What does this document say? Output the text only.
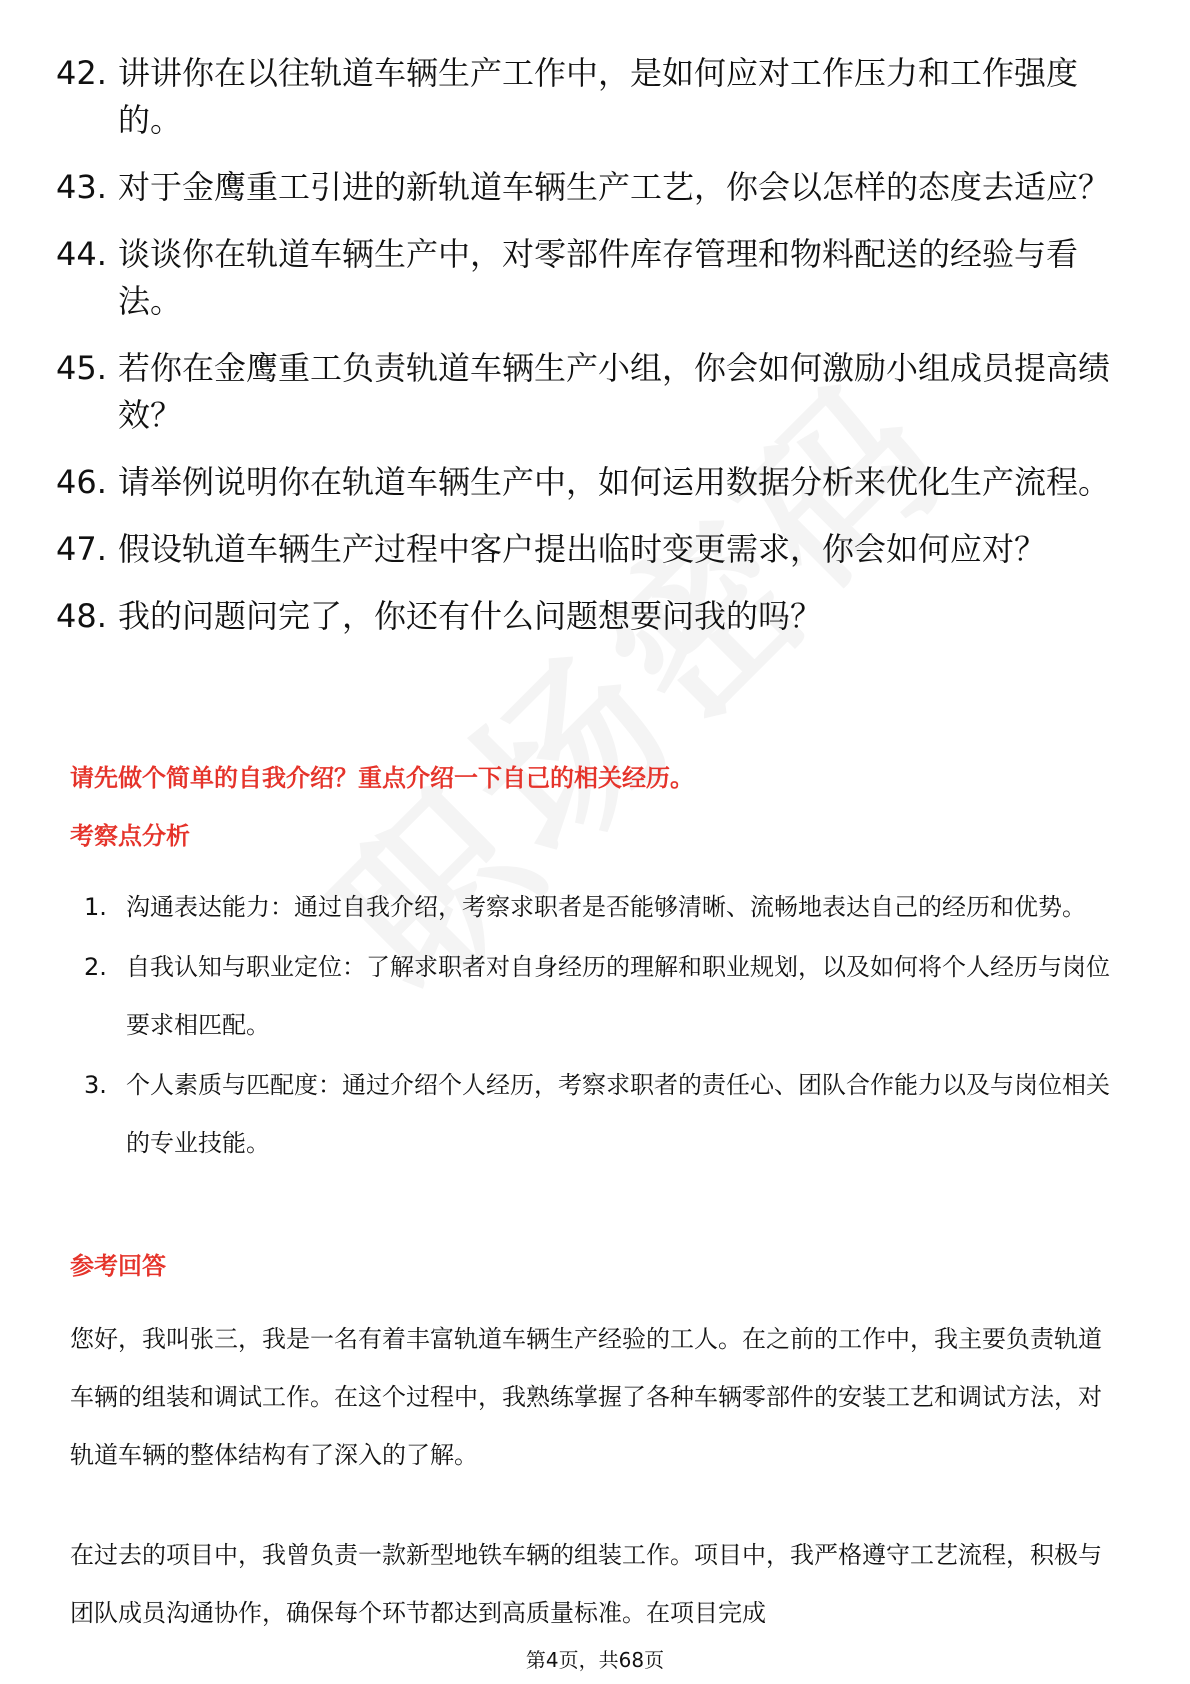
42. 讲讲你在以往轨道车辆生产工作中，是如何应对工作压力和工作强度的。
43. 对于金鹰重工引进的新轨道车辆生产工艺，你会以怎样的态度去适应？
44. 谈谈你在轨道车辆生产中，对零部件库存管理和物料配送的经验与看法。
45. 若你在金鹰重工负责轨道车辆生产小组，你会如何激励小组成员提高绩效？
46. 请举例说明你在轨道车辆生产中，如何运用数据分析来优化生产流程。
47. 假设轨道车辆生产过程中客户提出临时变更需求，你会如何应对？
48. 我的问题问完了，你还有什么问题想要问我的吗？
请先做个简单的自我介绍？重点介绍一下自己的相关经历。
考察点分析
1. 沟通表达能力：通过自我介绍，考察求职者是否能够清晰、流畅地表达自己的经历和优势。
2. 自我认知与职业定位：了解求职者对自身经历的理解和职业规划，以及如何将个人经历与岗位要求相匹配。
3. 个人素质与匹配度：通过介绍个人经历，考察求职者的责任心、团队合作能力以及与岗位相关的专业技能。
参考回答
您好，我叫张三，我是一名有着丰富轨道车辆生产经验的工人。在之前的工作中，我主要负责轨道车辆的组装和调试工作。在这个过程中，我熟练掌握了各种车辆零部件的安装工艺和调试方法，对轨道车辆的整体结构有了深入的了解。
在过去的项目中，我曾负责一款新型地铁车辆的组装工作。项目中，我严格遵守工艺流程，积极与团队成员沟通协作，确保每个环节都达到高质量标准。在项目完成
第4页，共68页
